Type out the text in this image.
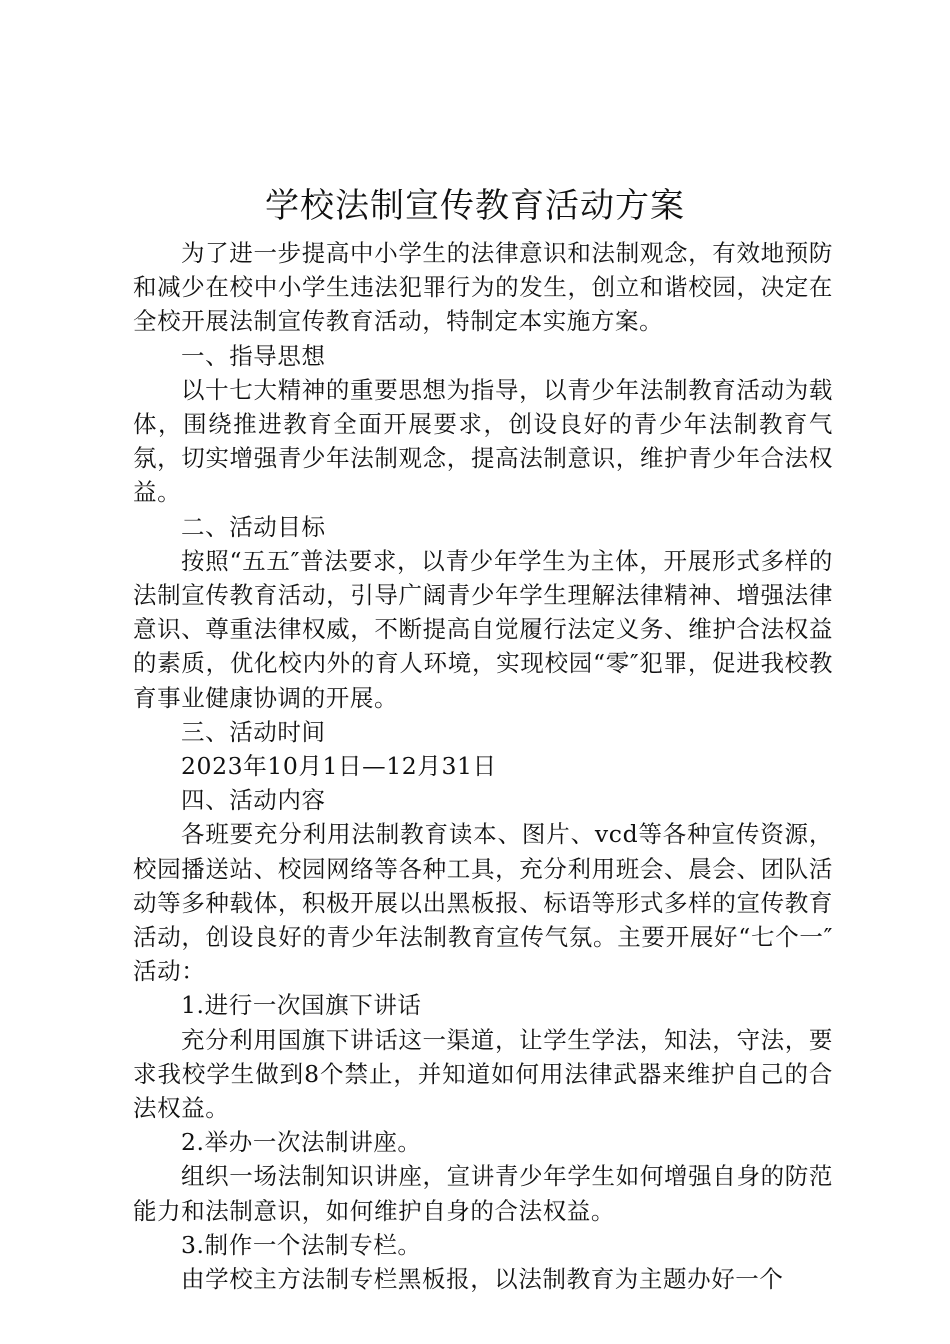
学校法制宣传教育活动方案

为了进一步提高中小学生的法律意识和法制观念，有效地预防和减少在校中小学生违法犯罪行为的发生，创立和谐校园，决定在全校开展法制宣传教育活动，特制定本实施方案。

一、指导思想

以十七大精神的重要思想为指导，以青少年法制教育活动为载体，围绕推进教育全面开展要求，创设良好的青少年法制教育气氛，切实增强青少年法制观念，提高法制意识，维护青少年合法权益。

二、活动目标

按照“五五″普法要求，以青少年学生为主体，开展形式多样的法制宣传教育活动，引导广阔青少年学生理解法律精神、增强法律意识、尊重法律权威，不断提高自觉履行法定义务、维护合法权益的素质，优化校内外的育人环境，实现校园“零″犯罪，促进我校教育事业健康协调的开展。

三、活动时间

2023年10月1日—12月31日

四、活动内容

各班要充分利用法制教育读本、图片、vcd等各种宣传资源，校园播送站、校园网络等各种工具，充分利用班会、晨会、团队活动等多种载体，积极开展以出黑板报、标语等形式多样的宣传教育活动，创设良好的青少年法制教育宣传气氛。主要开展好“七个一″活动：

1.进行一次国旗下讲话

充分利用国旗下讲话这一渠道，让学生学法，知法，守法，要求我校学生做到8个禁止，并知道如何用法律武器来维护自己的合法权益。

2.举办一次法制讲座。

组织一场法制知识讲座，宣讲青少年学生如何增强自身的防范能力和法制意识，如何维护自身的合法权益。

3.制作一个法制专栏。

由学校主方法制专栏黑板报，以法制教育为主题办好一个
